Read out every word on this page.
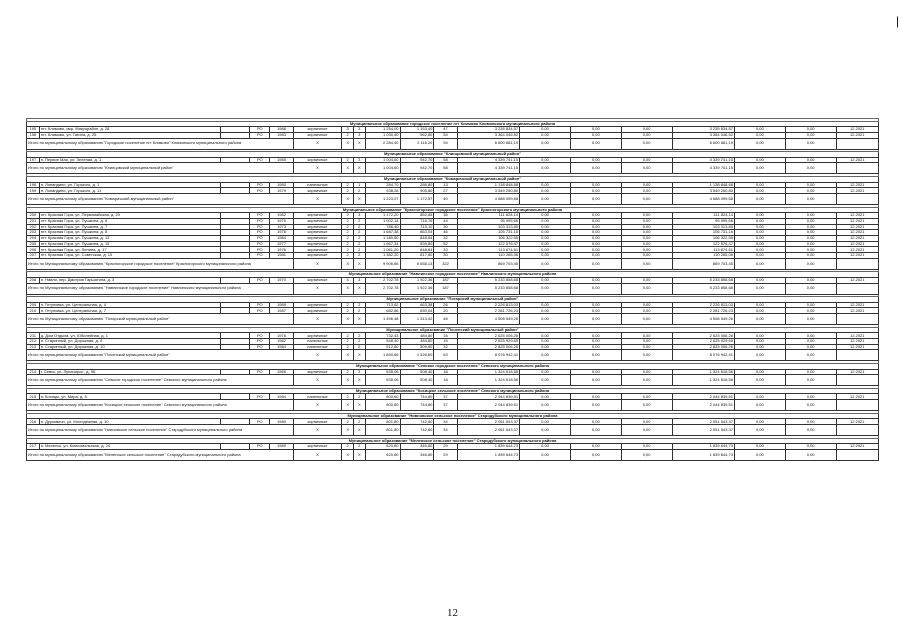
|

Муниципальное образование городское поселение пгт Климово Климовского муниципального района																		
195	пгт. Климово, мкр. Микрорайон, д. 28		РО	1986	кирпичные	3	3	1 254,00	1 153,40	47	3 235 834,57	0,00	0,00	0,00	3 235 834,57	0,00	0,00	12.2021
196	пгт. Климово, ул. Гагина, д. 25		РО	1983	кирпичные	2	3	1 030,40	962,80	54	3 364 046,52	0,00	0,00	0,00	3 364 046,52	0,00	0,00	12.2021
Итого по муниципальному образованию "Городское поселение пгт Климово" Климовского муниципального района					X	X	X	2 284,40	2 116,20	94	6 600 881,19	0,00	0,00	0,00	6 600 881,19	0,00	0,00	

Муниципальное образование "Клинцовский муниципальный район"																		
197	п. Первое Мая, ул. Зеленая, д. 1		РО	1985	кирпичные	2	3	1 004,60	942,70	58	4 339 741,15	0,00	0,00	0,00	4 339 741,15	0,00	0,00	12.2021
Итого по муниципальному образованию "Клинцовский муниципальный район"					X	X	X	1 004,60	942,70	58	4 339 741,15	0,00	0,00	0,00	4 339 741,15	0,00	0,00	

Муниципальное образование "Комаричский муниципальный район"																		
198	п. Лопандино, ул. Горького, д. 1		РО	1980	панельные	2	1	284,70	286,80	13	1 138 848,68	0,00	0,00	0,00	1 138 848,68	0,00	0,00	12.2021
199	п. Лопандино, ул. Горького, д. 11		РО	1979	кирпичные	2	2	938,28	905,80	27	3 549 250,80	0,00	0,00	0,00	3 549 250,80	0,00	0,00	12.2021
Итого по муниципальному образованию "Комаричский муниципальный район"					X	X	X	1 223,07	1 172,57	40	4 688 099,68	0,00	0,00	0,00	4 688 099,68	0,00	0,00	

Муниципальное образование "Красногорское городское поселение" Красногорского муниципального района																		
200	пгт. Красная Гора, ул. Первомайская, д. 20		РО	1982	кирпичные	2	3	1 172,20	852,65	35	111 824,14	0,00	0,00	0,00	111 824,14	0,00	0,00	12.2021
201	пгт. Красная Гора, ул. Пушкина, д. 6		РО	1970	кирпичные	2	2	1 002,14	718,76	44	95 995,66	0,00	0,00	0,00	95 995,66	0,00	0,00	12.2021
202	пгт. Красная Гора, ул. Пушкина, д. 7		РО	1973	кирпичные	2	2	788,40	715,10	30	103 313,80	0,00	0,00	0,00	103 313,80	0,00	0,00	12.2021
203	пгт. Красная Гора, ул. Пушкина, д. 8		РО	1976	кирпичные	2	2	1 687,38	863,04	46	105 731,16	0,00	0,00	0,00	105 731,16	0,00	0,00	12.2021
204	пгт. Красная Гора, ул. Пушкина, д. 13		РО	1984	кирпичные	2	2	1 180,80	848,64	32	106 322,55	0,00	0,00	0,00	106 322,55	0,00	0,00	12.2021
205	пгт. Красная Гора, ул. Пушкина, д. 15		РО	1977	кирпичные	2	2	1 667,34	839,80	52	122 576,47	0,00	0,00	0,00	122 576,47	0,00	0,00	12.2021
206	пгт. Красная Гора, ул. Ленина, д. 17		РО	1976	кирпичные	2	2	1 061,20	848,64	33	113 674,61	0,00	0,00	0,00	113 674,61	0,00	0,00	12.2021
207	пгт. Красная Гора, ул. Советская, д. 10		РО	1981	кирпичные	2	2	1 382,20	817,80	30	110 265,06	0,00	0,00	0,00	110 265,06	0,00	0,00	12.2021
Итого по Муниципальному образованию "Красногорское городское поселение" Красногорского муниципального района					X	X	X	9 906,66	6 658,13	322	869 703,45	0,00	0,00	0,00	869 703,45	0,00	0,00	

Муниципальное образование "Навлинское городское поселение" Навлинского муниципального района																		
208	п. Навля, пер. Дмитрия Гаршатина, д. 3		РО	1970	кирпичные	4	3	2 702,78	1 922,36	187	5 233 858,68	0,00	0,00	0,00	5 233 858,68	0,00	0,00	12.2021
Итого по Муниципальному образованию "Навлинское городское поселение" Навлинского муниципального района					X	X	X	2 702,78	1 922,36	187	5 233 858,68	0,00	0,00	0,00	5 233 858,68	0,00	0,00	

Муниципальное образование "Погарский муниципальный район"																		
209	п. Гетуновка, ул. Центральная, д. 4		РО	1989	кирпичные	2	2	713,62	663,38	26	2 226 813,03	0,00	0,00	0,00	2 226 813,03	0,00	0,00	12.2021
210	п. Гетуновка, ул. Центральная, д. 7		РО	1987	кирпичные	2	2	682,86	650,04	20	2 281 726,23	0,00	0,00	0,00	2 281 726,23	0,00	0,00	12.2021
Итого по Муниципальному образованию "Погарский муниципальный район"					X	X	X	1 496,48	1 313,42	46	4 508 549,26	0,00	0,00	0,00	4 508 549,26	0,00	0,00	

Муниципальное образование "Почепский муниципальный район"																		
211	д. Дом Отдыха, ул. Юбилейная, д. 1		РО	1976	кирпичные	2	2	732,43	484,80	16	2 625 006,26	0,00	0,00	0,00	2 625 006,26	0,00	0,00	12.2021
212	п. Старинный, ул. Дорожная, д. 9		РО	1982	панельные	2	2	548,40	484,80	15	2 625 929,65	0,00	0,00	0,00	2 625 929,65	0,00	0,00	12.2021
213	п. Старинный, ул. Дорожная, д. 10		РО	1984	панельные	2	2	512,80	509,90	32	2 825 006,26	0,00	0,00	0,00	2 825 006,26	0,00	0,00	12.2021
Итого по муниципальному образованию "Почепский муниципальный район"					X	X	X	1 890,66	1 526,60	63	8 076 942,41	0,00	0,00	0,00	8 076 942,41	0,00	0,00	

Муниципальное образование "Севское городское поселение" Севского муниципального района																		
214	г. Севск, ул. Луначарск., д. 96		РО	1966	кирпичные	2	3	535,06	508,40	18	1 324 618,56	0,00	0,00	0,00	1 324 618,56	0,00	0,00	12.2021
Итого по муниципальному образованию "Севское городское поселение" Севского муниципального района					X	X	X	535,06	508,40	18	1 324 618,56	0,00	0,00	0,00	1 324 618,56	0,00	0,00	

Муниципальное образование "Косицкое сельское поселение" Севского муниципального района																		
215	п. Косицы, ул. Мира, д. 5		РО	1984	панельные	2	2	800,60	744,80	37	2 044 839,51	0,00	0,00	0,00	2 044 839,51	0,00	0,00	12.2021
Итого по муниципальному образованию "Косицкое сельское поселение" Севского муниципального района					X	X	X	800,60	744,80	37	2 044 839,51	0,00	0,00	0,00	2 044 839,51	0,00	0,00	

Муниципальное образование "Нивновское сельское поселение" Стародубского муниципального района																		
216	п. Друковичи, ул. Молодёжная, д. 10		РО	1980	кирпичные	2	2	801,80	742,80	34	2 051 543,37	0,00	0,00	0,00	2 051 543,37	0,00	0,00	12.2021
Итого по муниципальному образованию "Нивновское сельское поселение" Стародубского муниципального района					X	X	X	801,80	742,80	34	2 051 543,37	0,00	0,00	0,00	2 051 543,37	0,00	0,00	

Муниципальное образование "Меленское сельское поселение" Стародубского муниципального района																		
217	п. Меленск, ул. Комсомольская, д. 24		РО	1989	кирпичные	2	2	620,80	346,80	29	1 839 644,73	0,00	0,00	0,00	1 839 644,73	0,00	0,00	12.2021
Итого по муниципальному образованию "Меленское сельское поселение" Стародубского муниципального района					X	X	X	620,80	346,80	29	1 839 644,73	0,00	0,00	0,00	1 839 644,73	0,00	0,00	
12
